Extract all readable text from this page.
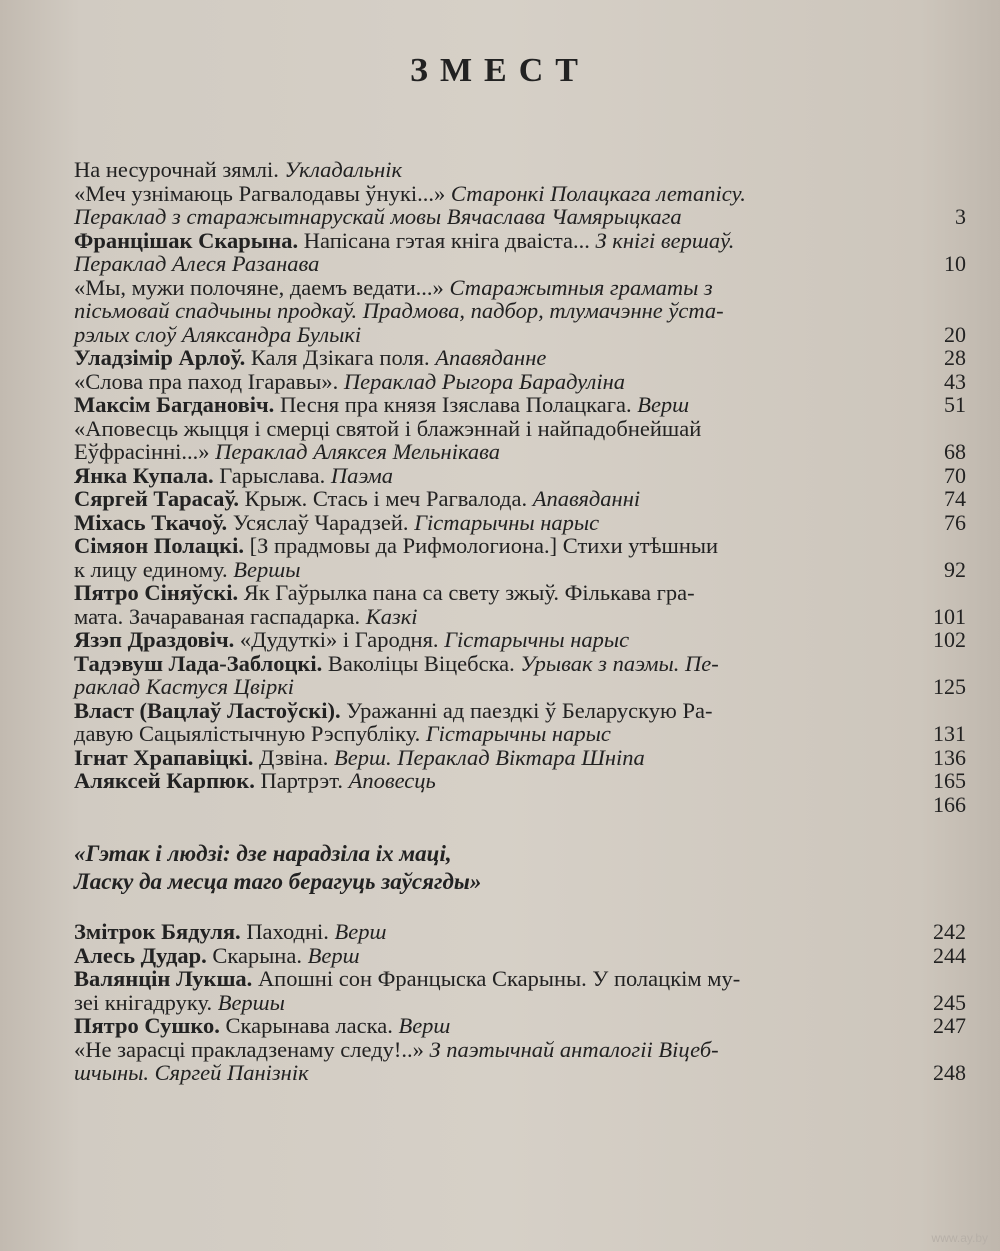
ЗМЕСТ
На несурочнай зямлі. Укладальнік
«Меч узнімаюць Рагвалодавы ўнукі...» Старонкі Полацкага летапісу.
Пераклад з старажытнарускай мовы Вячаслава Чамярыцкага	3
Францішак Скарына. Напісана гэтая кніга дваіста... З кнігі вершаў.
Пераклад Алеся Разанава	10
«Мы, мужи полочяне, даемъ ведати...» Старажытныя граматы з
пісьмовай спадчыны продкаў. Прадмова, падбор, тлумачэнне ўста-
рэлых слоў Аляксандра Булыкі	20
Уладзімір Арлоў. Каля Дзікага поля. Апавяданне	28
«Слова пра паход Ігаравы». Пераклад Рыгора Барадуліна	43
Максім Багдановіч. Песня пра князя Ізяслава Полацкага. Верш	51
«Аповесць жыцця і смерці святой і блажэннай і найпадобнейшай
Еўфрасінні...» Пераклад Аляксея Мельнікава	68
Янка Купала. Гарыслава. Паэма	70
Сяргей Тарасаў. Крыж. Стась і меч Рагвалода. Апавяданні	74
Міхась Ткачоў. Усяслаў Чарадзей. Гістарычны нарыс	76
Сімяон Полацкі. [З прадмовы да Рифмологиона.] Стихи утѣшныи
к лицу единому. Вершы	92
Пятро Сіняўскі. Як Гаўрылка пана са свету зжыў. Фількава гра-
мата. Зачараваная гаспадарка. Казкі	101
Язэп Драздовіч. «Дудуткі» і Гародня. Гістарычны нарыс	102
Тадэвуш Лада-Заблоцкі. Ваколіцы Віцебска. Урывак з паэмы. Пе-
раклад Кастуся Цвіркі	125
Власт (Вацлаў Ластоўскі). Уражанні ад паездкі ў Беларускую Ра-
давую Сацыялістычную Рэспубліку. Гістарычны нарыс	131
Ігнат Храпавіцкі. Дзвіна. Верш. Пераклад Віктара Шніпа	136
Аляксей Карпюк. Партрэт. Аповесць	165

166
«Гэтак і людзі: дзе нарадзіла іх маці,
Ласку да месца таго берагуць заўсягды»
Змітрок Бядуля. Паходні. Верш	242
Алесь Дудар. Скарына. Верш	244
Валянцін Лукша. Апошні сон Францыска Скарыны. У полацкім му-
зеі кнігадруку. Вершы	245
Пятро Сушко. Скарынава ласка. Верш	247
«Не зарасці пракладзенаму следу!..» З паэтычнай анталогіі Віцеб-
шчыны. Сяргей Панізнік	248
www.ay.by
